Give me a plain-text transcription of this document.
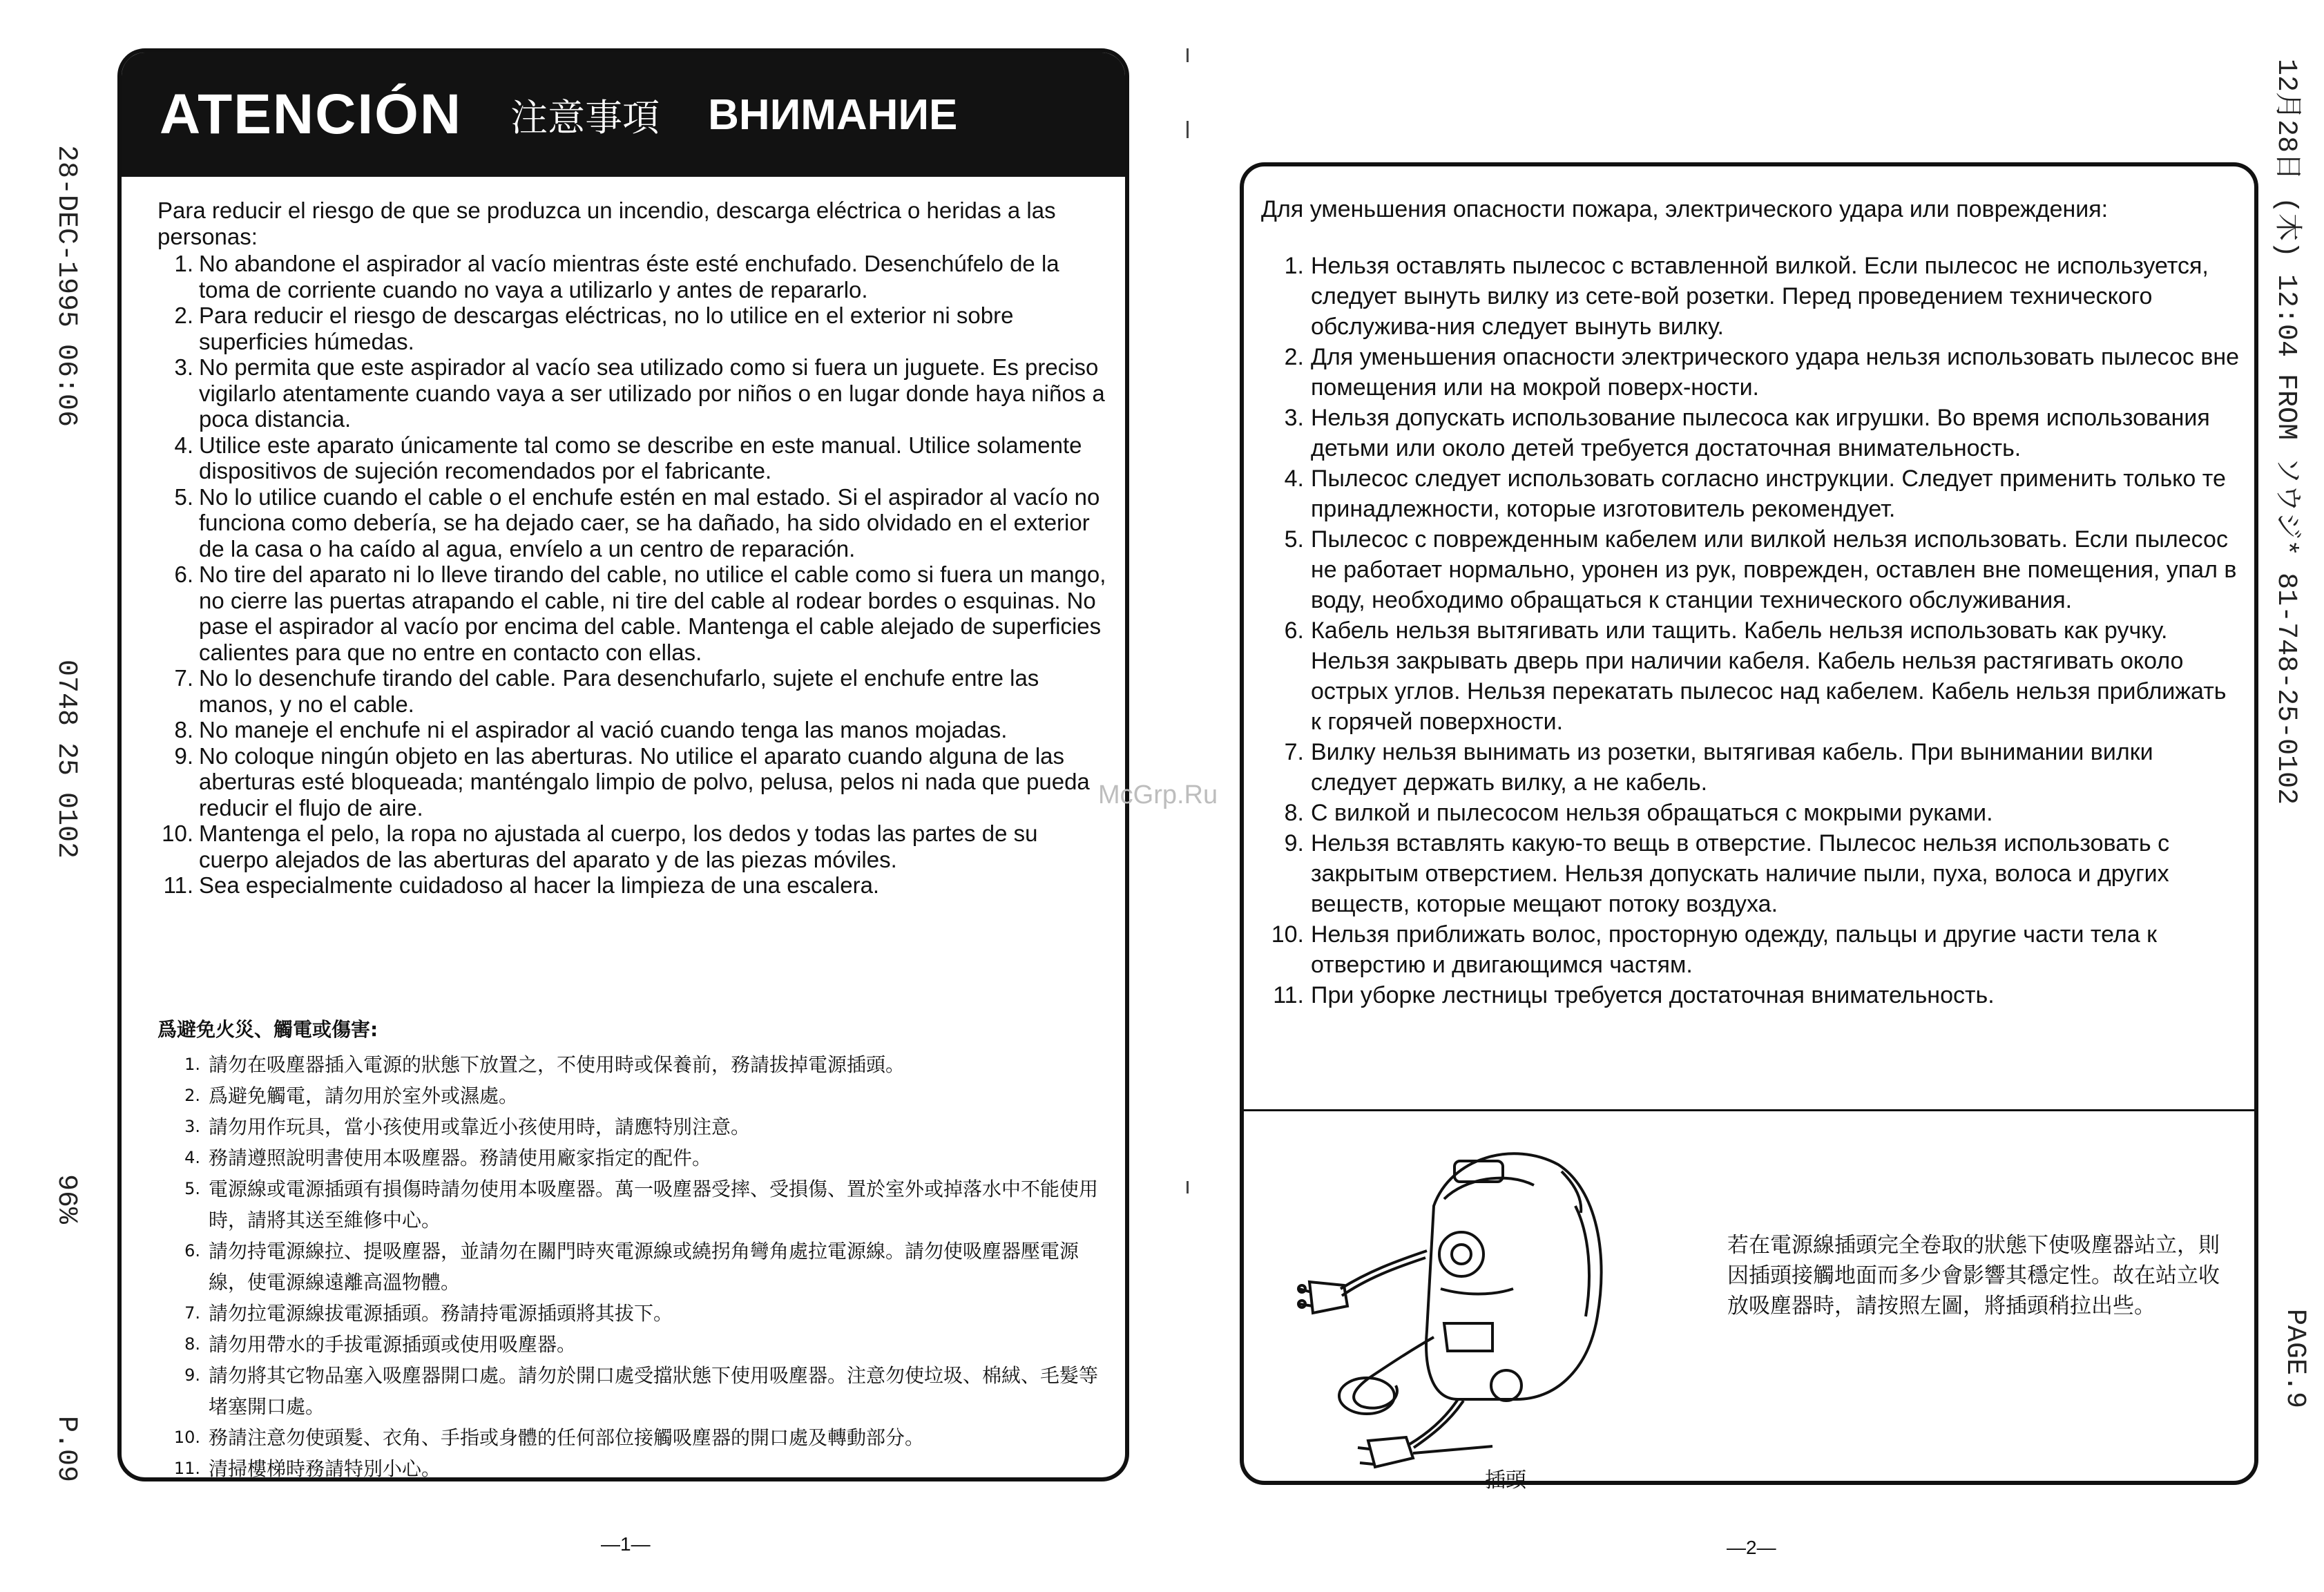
28-DEC-1995 06:06
0748 25 0102
96%
P.09
12月28日 (木) 12:04 FROM ソウジ* 81-748-25-0102
PAGE.9
ATENCIÓN 注意事項 ВНИМАНИЕ

Para reducir el riesgo de que se produzca un incendio, descarga eléctrica o heridas a las personas:

1. No abandone el aspirador al vacío mientras éste esté enchufado. Desenchúfelo de la toma de corriente cuando no vaya a utilizarlo y antes de repararlo.
2. Para reducir el riesgo de descargas eléctricas, no lo utilice en el exterior ni sobre superficies húmedas.
3. No permita que este aspirador al vacío sea utilizado como si fuera un juguete. Es preciso vigilarlo atentamente cuando vaya a ser utilizado por niños o en lugar donde haya niños a poca distancia.
4. Utilice este aparato únicamente tal como se describe en este manual. Utilice solamente dispositivos de sujeción recomendados por el fabricante.
5. No lo utilice cuando el cable o el enchufe estén en mal estado. Si el aspirador al vacío no funciona como debería, se ha dejado caer, se ha dañado, ha sido olvidado en el exterior de la casa o ha caído al agua, envíelo a un centro de reparación.
6. No tire del aparato ni lo lleve tirando del cable, no utilice el cable como si fuera un mango, no cierre las puertas atrapando el cable, ni tire del cable al rodear bordes o esquinas. No pase el aspirador al vacío por encima del cable. Mantenga el cable alejado de superficies calientes para que no entre en contacto con ellas.
7. No lo desenchufe tirando del cable. Para desenchufarlo, sujete el enchufe entre las manos, y no el cable.
8. No maneje el enchufe ni el aspirador al vació cuando tenga las manos mojadas.
9. No coloque ningún objeto en las aberturas. No utilice el aparato cuando alguna de las aberturas esté bloqueada; manténgalo limpio de polvo, pelusa, pelos ni nada que pueda reducir el flujo de aire.
10. Mantenga el pelo, la ropa no ajustada al cuerpo, los dedos y todas las partes de su cuerpo alejados de las aberturas del aparato y de las piezas móviles.
11. Sea especialmente cuidadoso al hacer la limpieza de una escalera.

爲避免火災、觸電或傷害:

1. 請勿在吸塵器插入電源的狀態下放置之，不使用時或保養前，務請拔掉電源插頭。
2. 爲避免觸電，請勿用於室外或濕處。
3. 請勿用作玩具，當小孩使用或靠近小孩使用時，請應特別注意。
4. 務請遵照說明書使用本吸塵器。務請使用廠家指定的配件。
5. 電源線或電源插頭有損傷時請勿使用本吸塵器。萬一吸塵器受摔、受損傷、置於室外或掉落水中不能使用時，請將其送至維修中心。
6. 請勿持電源線拉、提吸塵器，並請勿在關門時夾電源線或繞拐角彎角處拉電源線。請勿使吸塵器壓電源線，使電源線遠離高溫物體。
7. 請勿拉電源線拔電源插頭。務請持電源插頭將其拔下。
8. 請勿用帶水的手拔電源插頭或使用吸塵器。
9. 請勿將其它物品塞入吸塵器開口處。請勿於開口處受擋狀態下使用吸塵器。注意勿使垃圾、棉絨、毛髮等堵塞開口處。
10. 務請注意勿使頭髮、衣角、手指或身體的任何部位接觸吸塵器的開口處及轉動部分。
11. 清掃樓梯時務請特別小心。
—1—

Для уменьшения опасности пожара, электрического удара или повреждения:

1. Нельзя оставлять пылесос с вставленной вилкой. Если пылесос не используется, следует вынуть вилку из сете-вой розетки. Перед проведением технического обслужива-ния следует вынуть вилку.
2. Для уменьшения опасности электрического удара нельзя использовать пылесос вне помещения или на мокрой поверх-ности.
3. Нельзя допускать использование пылесоса как игрушки. Во время использования детьми или около детей требуется достаточная внимательность.
4. Пылесос следует использовать согласно инструкции. Следует применить только те принадлежности, которые изготовитель рекомендует.
5. Пылесос с поврежденным кабелем или вилкой нельзя использовать. Если пылесос не работает нормально, уронен из рук, поврежден, оставлен вне помещения, упал в воду, необходимо обращаться к станции технического обслуживания.
6. Кабель нельзя вытягивать или тащить. Кабель нельзя использовать как ручку. Нельзя закрывать дверь при наличии кабеля. Кабель нельзя растягивать около острых углов. Нельзя перекатать пылесос над кабелем. Кабель нельзя приближать к горячей поверхности.
7. Вилку нельзя вынимать из розетки, вытягивая кабель. При вынимании вилки следует держать вилку, а не кабель.
8. С вилкой и пылесосом нельзя обращаться с мокрыми руками.
9. Нельзя вставлять какую-то вещь в отверстие. Пылесос нельзя использовать с закрытым отверстием. Нельзя допускать наличие пыли, пуха, волоса и других веществ, которые мещают потоку воздуха.
10. Нельзя приближать волос, просторную одежду, пальцы и другие части тела к отверстию и двигающимся частям.
11. При уборке лестницы требуется достаточная внимательность.
若在電源線插頭完全卷取的狀態下使吸塵器站立，則因插頭接觸地面而多少會影響其穩定性。故在站立收放吸塵器時，請按照左圖，將插頭稍拉出些。
插頭
—2—
McGrp.Ru
